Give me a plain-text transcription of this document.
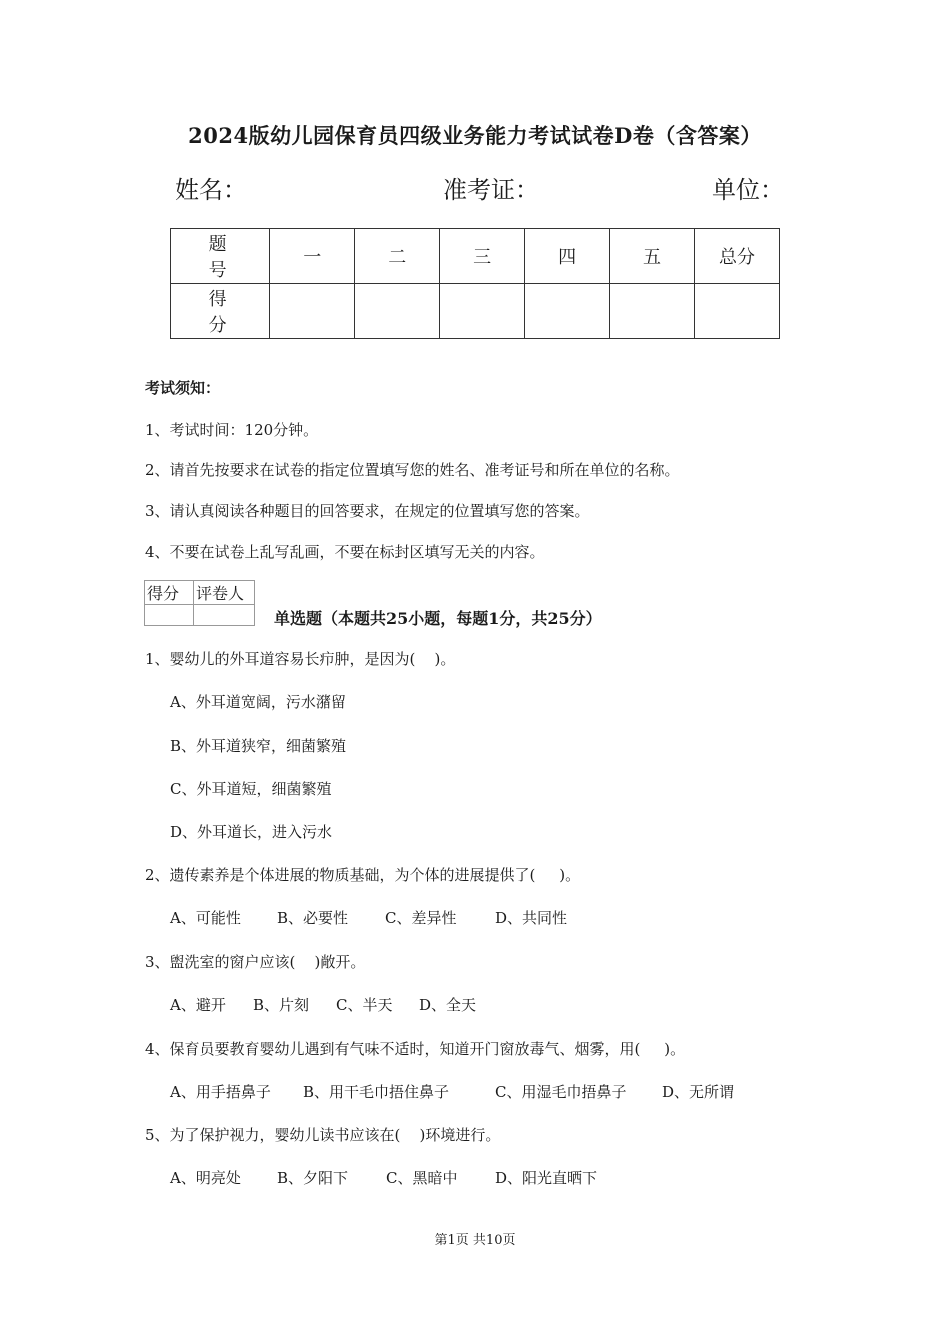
2024版幼儿园保育员四级业务能力考试试卷D卷（含答案）
姓名：	准考证：	单位：
题 号	一	二	三	四	五	总分
得 分						
考试须知：
1、考试时间：120分钟。
2、请首先按要求在试卷的指定位置填写您的姓名、准考证号和所在单位的名称。
3、请认真阅读各种题目的回答要求，在规定的位置填写您的答案。
4、不要在试卷上乱写乱画，不要在标封区填写无关的内容。
得分	评卷人

单选题（本题共25小题，每题1分，共25分）
1、婴幼儿的外耳道容易长疖肿，是因为(    )。
A、外耳道宽阔，污水潴留
B、外耳道狭窄，细菌繁殖
C、外耳道短，细菌繁殖
D、外耳道长，进入污水
2、遗传素养是个体进展的物质基础，为个体的进展提供了(     )。
A、可能性 B、必要性 C、差异性	D、共同性
3、盥洗室的窗户应该(    )敞开。
A、避开 B、片刻 C、半天 D、全天
4、保育员要教育婴幼儿遇到有气味不适时，知道开门窗放毒气、烟雾，用(     )。
A、用手捂鼻子 B、用干毛巾捂住鼻子	C、用湿毛巾捂鼻子 D、无所谓
5、为了保护视力，婴幼儿读书应该在(    )环境进行。
A、明亮处 B、夕阳下	C、黑暗中	D、阳光直晒下
第1页 共10页
